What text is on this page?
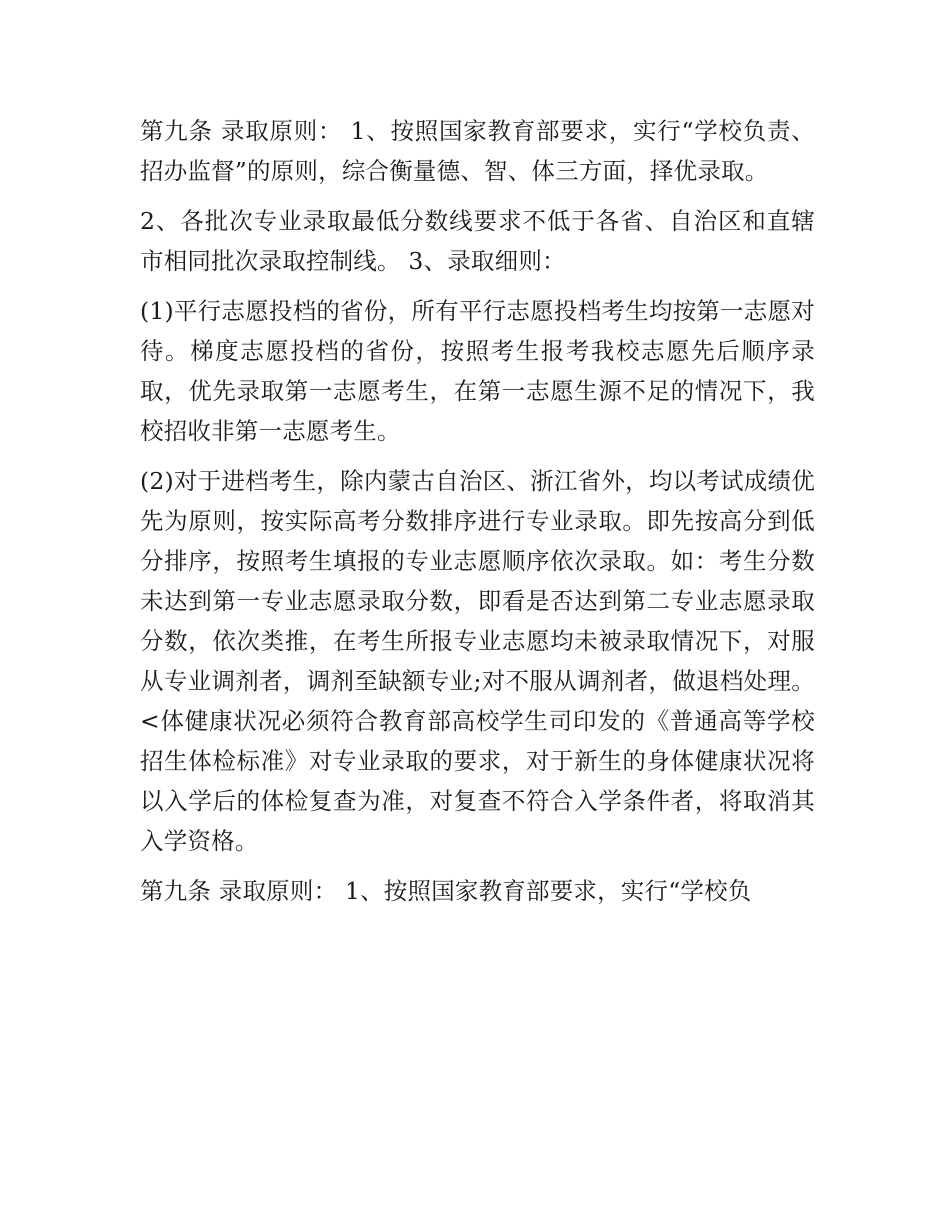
第九条 录取原则： 1、按照国家教育部要求，实行“学校负责、招办监督”的原则，综合衡量德、智、体三方面，择优录取。

2、各批次专业录取最低分数线要求不低于各省、自治区和直辖市相同批次录取控制线。 3、录取细则：

(1)平行志愿投档的省份，所有平行志愿投档考生均按第一志愿对待。梯度志愿投档的省份，按照考生报考我校志愿先后顺序录取，优先录取第一志愿考生，在第一志愿生源不足的情况下，我校招收非第一志愿考生。

(2)对于进档考生，除内蒙古自治区、浙江省外，均以考试成绩优先为原则，按实际高考分数排序进行专业录取。即先按高分到低分排序，按照考生填报的专业志愿顺序依次录取。如：考生分数未达到第一专业志愿录取分数，即看是否达到第二专业志愿录取分数，依次类推，在考生所报专业志愿均未被录取情况下，对服从专业调剂者，调剂至缺额专业;对不服从调剂者，做退档处理。<体健康状况必须符合教育部高校学生司印发的《普通高等学校招生体检标准》对专业录取的要求，对于新生的身体健康状况将以入学后的体检复查为准，对复查不符合入学条件者，将取消其入学资格。

第九条 录取原则： 1、按照国家教育部要求，实行“学校负
